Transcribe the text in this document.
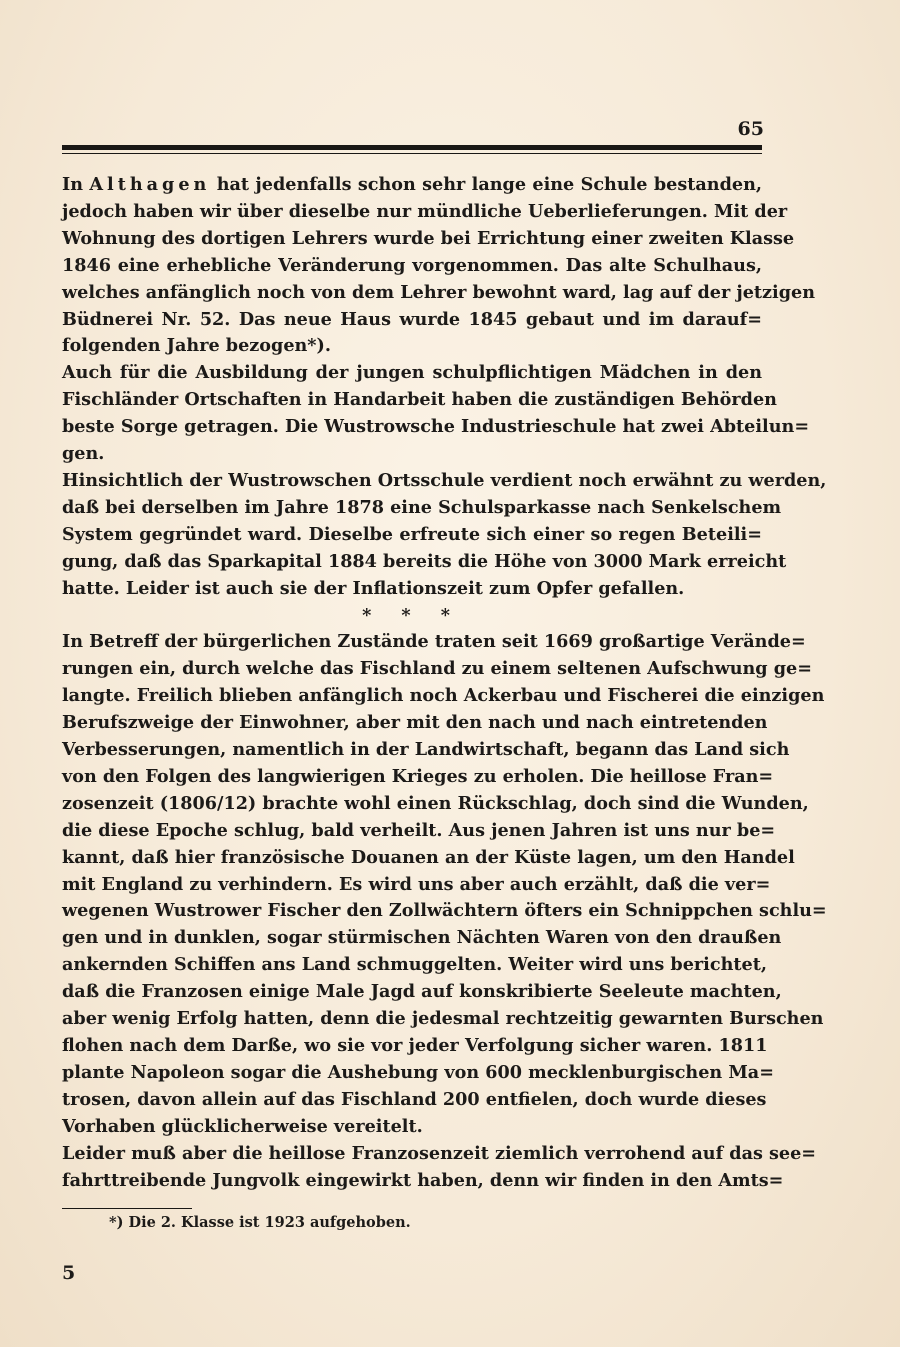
65
In Althagen hat jedenfalls schon sehr lange eine Schule bestanden,
jedoch haben wir über dieselbe nur mündliche Ueberlieferungen. Mit der
Wohnung des dortigen Lehrers wurde bei Errichtung einer zweiten Klasse
1846 eine erhebliche Veränderung vorgenommen. Das alte Schulhaus,
welches anfänglich noch von dem Lehrer bewohnt ward, lag auf der jetzigen
Büdnerei Nr. 52. Das neue Haus wurde 1845 gebaut und im darauf=
folgenden Jahre bezogen*).
Auch für die Ausbildung der jungen schulpflichtigen Mädchen in den
Fischländer Ortschaften in Handarbeit haben die zuständigen Behörden
beste Sorge getragen. Die Wustrowsche Industrieschule hat zwei Abteilun=
gen.
Hinsichtlich der Wustrowschen Ortsschule verdient noch erwähnt zu werden,
daß bei derselben im Jahre 1878 eine Schulsparkasse nach Senkelschem
System gegründet ward. Dieselbe erfreute sich einer so regen Beteili=
gung, daß das Sparkapital 1884 bereits die Höhe von 3000 Mark erreicht
hatte. Leider ist auch sie der Inflationszeit zum Opfer gefallen.
* * *
In Betreff der bürgerlichen Zustände traten seit 1669 großartige Verände=
rungen ein, durch welche das Fischland zu einem seltenen Aufschwung ge=
langte. Freilich blieben anfänglich noch Ackerbau und Fischerei die einzigen
Berufszweige der Einwohner, aber mit den nach und nach eintretenden
Verbesserungen, namentlich in der Landwirtschaft, begann das Land sich
von den Folgen des langwierigen Krieges zu erholen. Die heillose Fran=
zosenzeit (1806/12) brachte wohl einen Rückschlag, doch sind die Wunden,
die diese Epoche schlug, bald verheilt. Aus jenen Jahren ist uns nur be=
kannt, daß hier französische Douanen an der Küste lagen, um den Handel
mit England zu verhindern. Es wird uns aber auch erzählt, daß die ver=
wegenen Wustrower Fischer den Zollwächtern öfters ein Schnippchen schlu=
gen und in dunklen, sogar stürmischen Nächten Waren von den draußen
ankernden Schiffen ans Land schmuggelten. Weiter wird uns berichtet,
daß die Franzosen einige Male Jagd auf konskribierte Seeleute machten,
aber wenig Erfolg hatten, denn die jedesmal rechtzeitig gewarnten Burschen
flohen nach dem Darße, wo sie vor jeder Verfolgung sicher waren. 1811
plante Napoleon sogar die Aushebung von 600 mecklenburgischen Ma=
trosen, davon allein auf das Fischland 200 entfielen, doch wurde dieses
Vorhaben glücklicherweise vereitelt.
Leider muß aber die heillose Franzosenzeit ziemlich verrohend auf das see=
fahrttreibende Jungvolk eingewirkt haben, denn wir finden in den Amts=
*) Die 2. Klasse ist 1923 aufgehoben.
5
